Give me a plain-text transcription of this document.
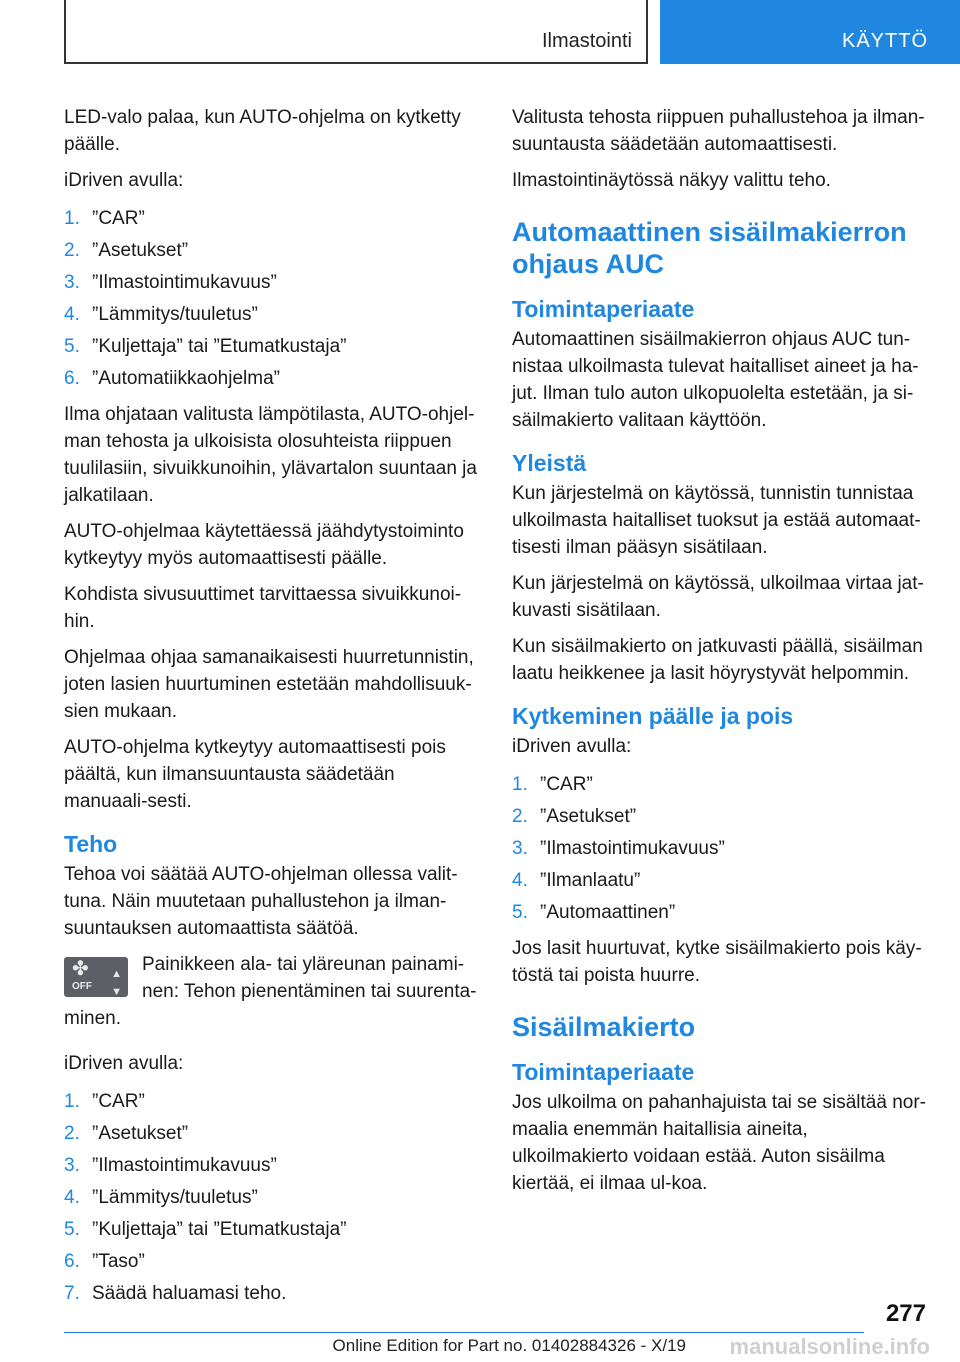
Ilmastointi	KÄYTTÖ

LED-valo palaa, kun AUTO-ohjelma on kytketty päälle.

iDriven avulla:

1. ”CAR”
2. ”Asetukset”
3. ”Ilmastointimukavuus”
4. ”Lämmitys/tuuletus”
5. ”Kuljettaja” tai ”Etumatkustaja”
6. ”Automatiikkaohjelma”

Ilma ohjataan valitusta lämpötilasta, AUTO-ohjel‐man tehosta ja ulkoisista olosuhteista riippuen tuulilasiin, sivuikkunoihin, ylävartalon suuntaan ja jalkatilaan.

AUTO-ohjelmaa käytettäessä jäähdytystoiminto kytkeytyy myös automaattisesti päälle.

Kohdista sivusuuttimet tarvittaessa sivuikkunoi‐hin.

Ohjelmaa ohjaa samanaikaisesti huurretunnistin, joten lasien huurtuminen estetään mahdollisuuk‐sien mukaan.

AUTO-ohjelma kytkeytyy automaattisesti pois päältä, kun ilmansuuntausta säädetään manuaali‐sesti.

Teho

Tehoa voi säätää AUTO-ohjelman ollessa valit‐tuna. Näin muutetaan puhallustehon ja ilman‐suuntauksen automaattista säätöä.

✤
OFF
▲
▼
Painikkeen ala- tai yläreunan painami‐nen: Tehon pienentäminen tai suurenta‐minen.

iDriven avulla:

1. ”CAR”
2. ”Asetukset”
3. ”Ilmastointimukavuus”
4. ”Lämmitys/tuuletus”
5. ”Kuljettaja” tai ”Etumatkustaja”
6. ”Taso”
7. Säädä haluamasi teho.

Valitusta tehosta riippuen puhallustehoa ja ilman‐suuntausta säädetään automaattisesti.

Ilmastointinäytössä näkyy valittu teho.

Automaattinen sisäilmakierron ohjaus AUC
Toimintaperiaate

Automaattinen sisäilmakierron ohjaus AUC tun‐nistaa ulkoilmasta tulevat haitalliset aineet ja ha‐jut. Ilman tulo auton ulkopuolelta estetään, ja si‐säilmakierto valitaan käyttöön.

Yleistä

Kun järjestelmä on käytössä, tunnistin tunnistaa ulkoilmasta haitalliset tuoksut ja estää automaat‐tisesti ilman pääsyn sisätilaan.

Kun järjestelmä on käytössä, ulkoilmaa virtaa jat‐kuvasti sisätilaan.

Kun sisäilmakierto on jatkuvasti päällä, sisäilman laatu heikkenee ja lasit höyrystyvät helpommin.

Kytkeminen päälle ja pois

iDriven avulla:

1. ”CAR”
2. ”Asetukset”
3. ”Ilmastointimukavuus”
4. ”Ilmanlaatu”
5. ”Automaattinen”

Jos lasit huurtuvat, kytke sisäilmakierto pois käy‐töstä tai poista huurre.

Sisäilmakierto
Toimintaperiaate

Jos ulkoilma on pahanhajuista tai se sisältää nor‐maalia enemmän haitallisia aineita, ulkoilmakierto voidaan estää. Auton sisäilma kiertää, ei ilmaa ul‐koa.

277
Online Edition for Part no. 01402884326 - X/19 manualsonline.info
